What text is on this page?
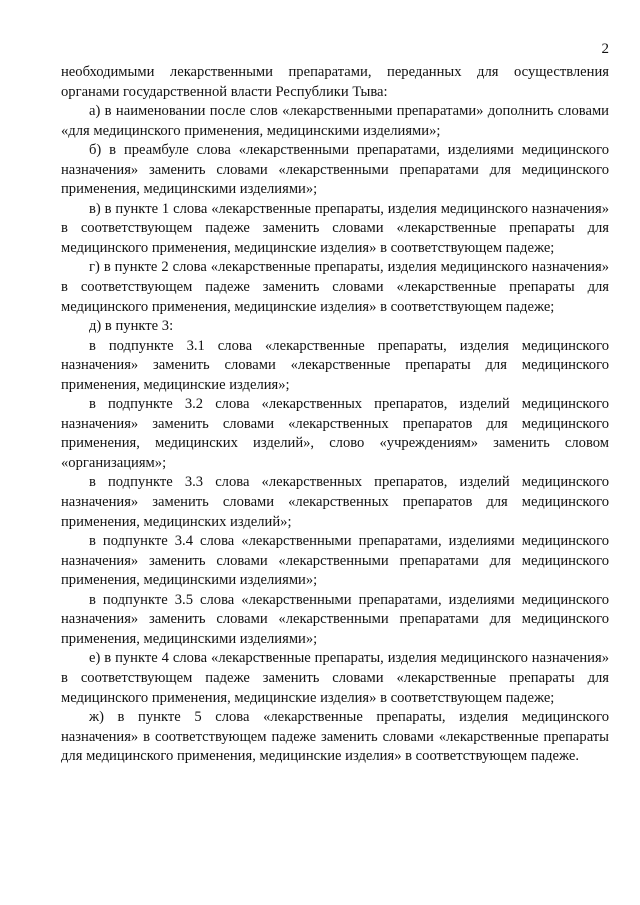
2

необходимыми лекарственными препаратами, переданных для осуществления органами государственной власти Республики Тыва:

а) в наименовании после слов «лекарственными препаратами» дополнить словами «для медицинского применения, медицинскими изделиями»;

б) в преамбуле слова «лекарственными препаратами, изделиями медицинского назначения» заменить словами «лекарственными препаратами для медицинского применения, медицинскими изделиями»;

в) в пункте 1 слова «лекарственные препараты, изделия медицинского назначения» в соответствующем падеже заменить словами «лекарственные препараты для медицинского применения, медицинские изделия» в соответствующем падеже;

г) в пункте 2 слова «лекарственные препараты, изделия медицинского назначения» в соответствующем падеже заменить словами «лекарственные препараты для медицинского применения, медицинские изделия» в соответствующем падеже;

д) в пункте 3:

в подпункте 3.1 слова «лекарственные препараты, изделия медицинского назначения» заменить словами «лекарственные препараты для медицинского применения, медицинские изделия»;

в подпункте 3.2 слова «лекарственных препаратов, изделий медицинского назначения» заменить словами «лекарственных препаратов для медицинского применения, медицинских изделий», слово «учреждениям» заменить словом «организациям»;

в подпункте 3.3 слова «лекарственных препаратов, изделий медицинского назначения» заменить словами «лекарственных препаратов для медицинского применения, медицинских изделий»;

в подпункте 3.4 слова «лекарственными препаратами, изделиями медицинского назначения» заменить словами «лекарственными препаратами для медицинского применения, медицинскими изделиями»;

в подпункте 3.5 слова «лекарственными препаратами, изделиями медицинского назначения» заменить словами «лекарственными препаратами для медицинского применения, медицинскими изделиями»;

е) в пункте 4 слова «лекарственные препараты, изделия медицинского назначения» в соответствующем падеже заменить словами «лекарственные препараты для медицинского применения, медицинские изделия» в соответствующем падеже;

ж) в пункте 5 слова «лекарственные препараты, изделия медицинского назначения» в соответствующем падеже заменить словами «лекарственные препараты для медицинского применения, медицинские изделия» в соответствующем падеже.
